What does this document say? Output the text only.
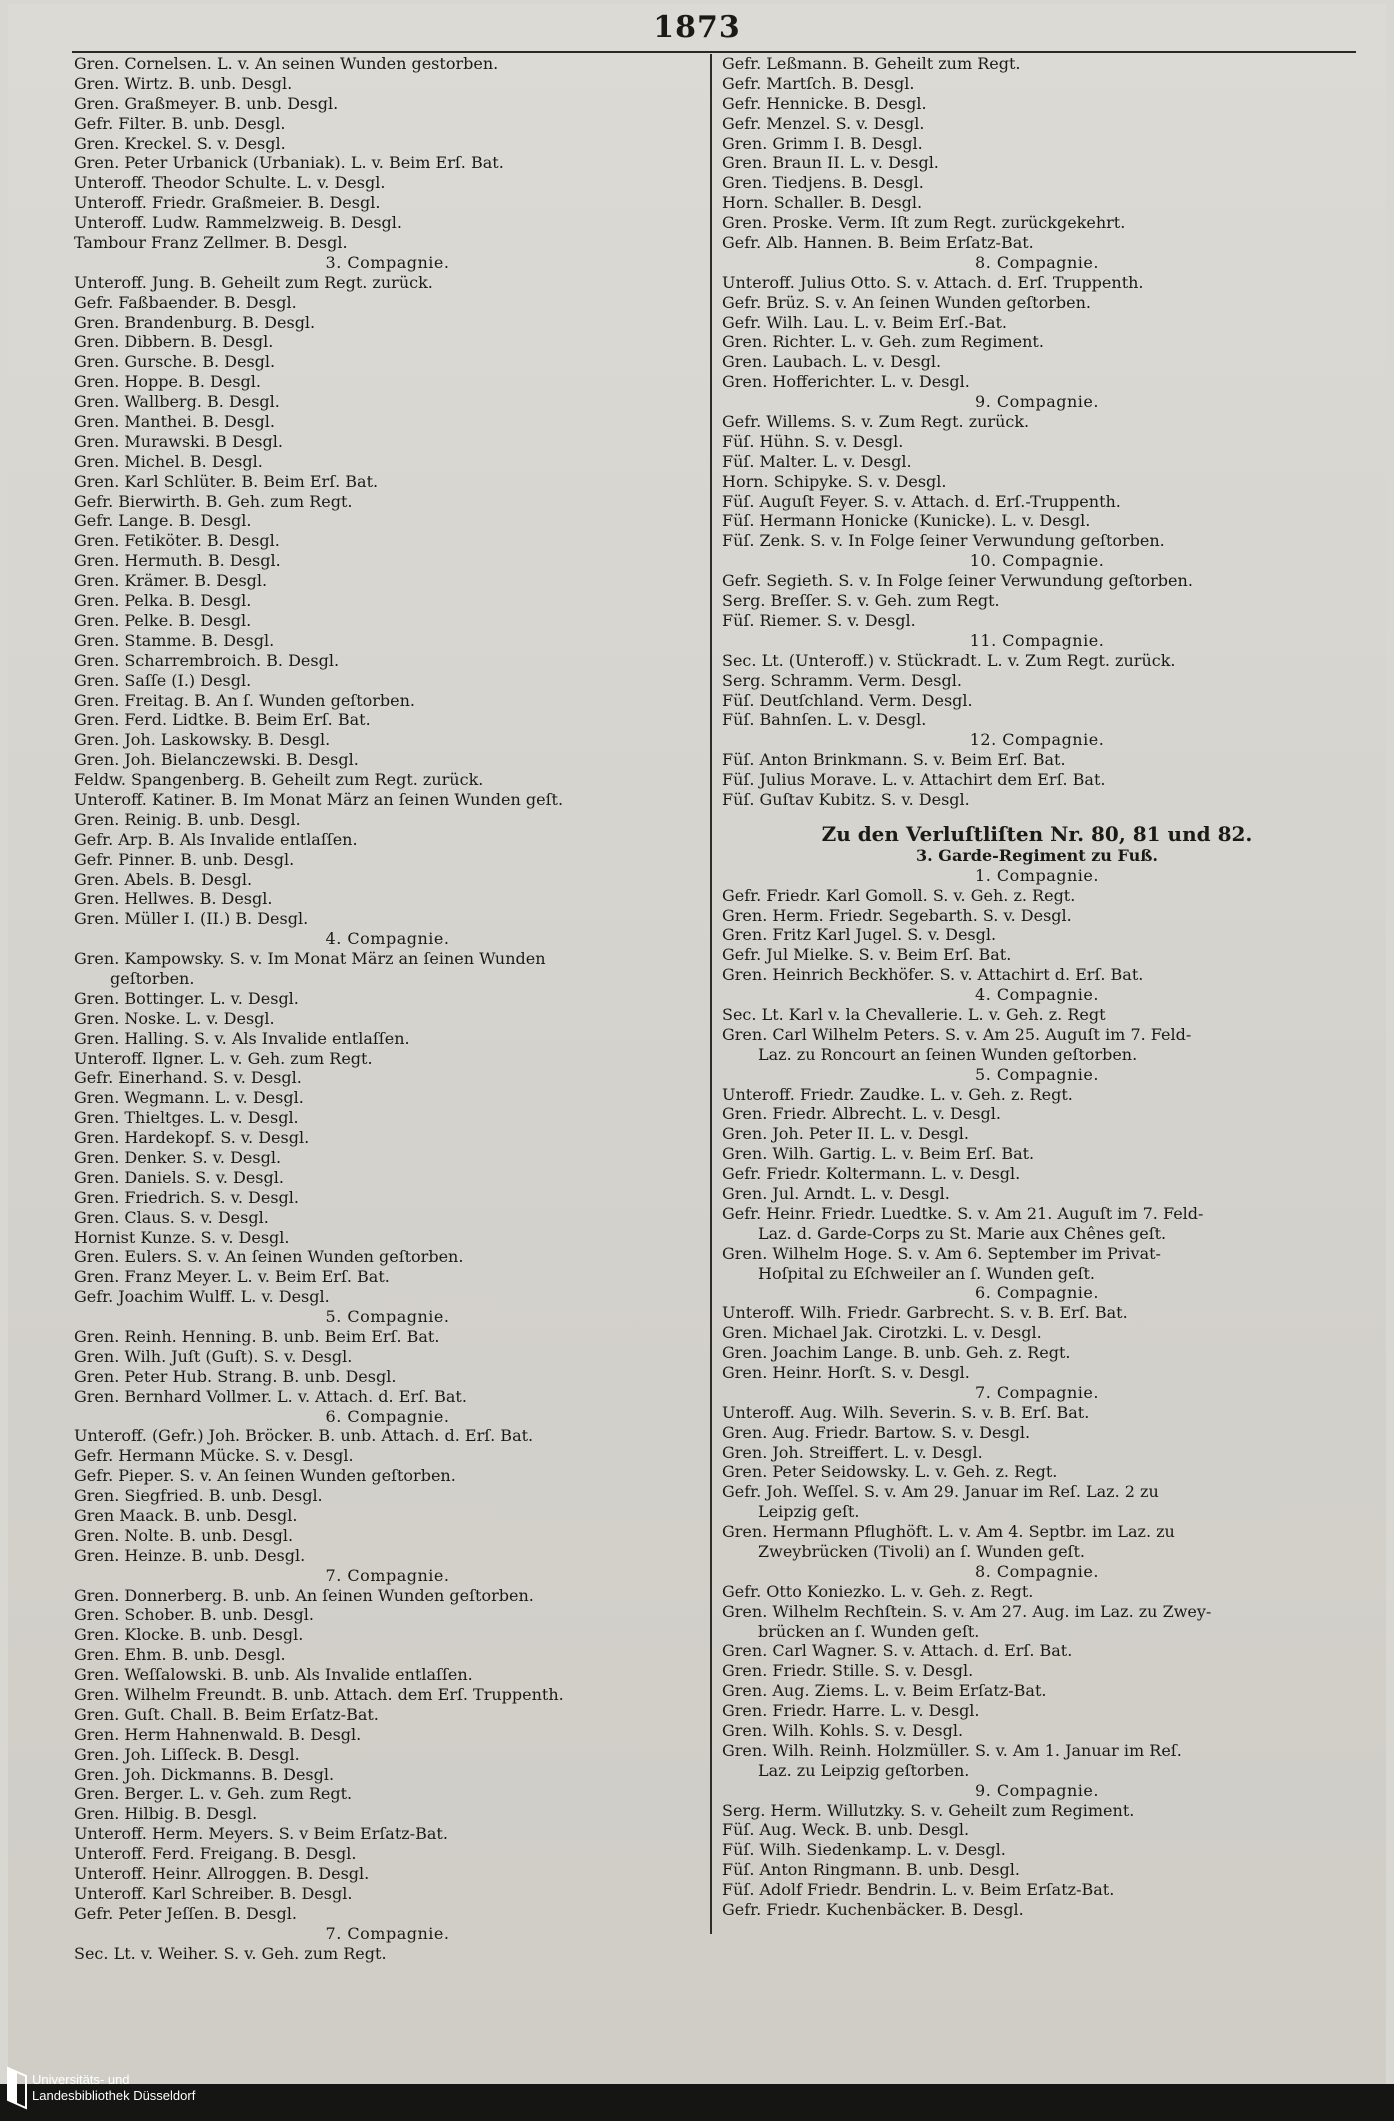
1873
Gren. Cornelsen. L. v. An seinen Wunden gestorben.
Gren. Wirtz. B. unb. Desgl.
Gren. Graßmeyer. B. unb. Desgl.
Gefr. Filter. B. unb. Desgl.
Gren. Kreckel. S. v. Desgl.
Gren. Peter Urbanick (Urbaniak). L. v. Beim Erſ. Bat.
Unteroff. Theodor Schulte. L. v. Desgl.
Unteroff. Friedr. Graßmeier. B. Desgl.
Unteroff. Ludw. Rammelzweig. B. Desgl.
Tambour Franz Zellmer. B. Desgl.
3. Compagnie.
Unteroff. Jung. B. Geheilt zum Regt. zurück.
Gefr. Faßbaender. B. Desgl.
Gren. Brandenburg. B. Desgl.
Gren. Dibbern. B. Desgl.
Gren. Gursche. B. Desgl.
Gren. Hoppe. B. Desgl.
Gren. Wallberg. B. Desgl.
Gren. Manthei. B. Desgl.
Gren. Murawski. B Desgl.
Gren. Michel. B. Desgl.
Gren. Karl Schlüter. B. Beim Erſ. Bat.
Gefr. Bierwirth. B. Geh. zum Regt.
Gefr. Lange. B. Desgl.
Gren. Fetiköter. B. Desgl.
Gren. Hermuth. B. Desgl.
Gren. Krämer. B. Desgl.
Gren. Pelka. B. Desgl.
Gren. Pelke. B. Desgl.
Gren. Stamme. B. Desgl.
Gren. Scharrembroich. B. Desgl.
Gren. Saſſe (I.) Desgl.
Gren. Freitag. B. An ſ. Wunden geſtorben.
Gren. Ferd. Lidtke. B. Beim Erſ. Bat.
Gren. Joh. Laskowsky. B. Desgl.
Gren. Joh. Bielanczewski. B. Desgl.
Feldw. Spangenberg. B. Geheilt zum Regt. zurück.
Unteroff. Katiner. B. Im Monat März an ſeinen Wunden geſt.
Gren. Reinig. B. unb. Desgl.
Gefr. Arp. B. Als Invalide entlaſſen.
Gefr. Pinner. B. unb. Desgl.
Gren. Abels. B. Desgl.
Gren. Hellwes. B. Desgl.
Gren. Müller I. (II.) B. Desgl.
4. Compagnie.
Gren. Kampowsky. S. v. Im Monat März an ſeinen Wunden
geſtorben.
Gren. Bottinger. L. v. Desgl.
Gren. Noske. L. v. Desgl.
Gren. Halling. S. v. Als Invalide entlaſſen.
Unteroff. Ilgner. L. v. Geh. zum Regt.
Gefr. Einerhand. S. v. Desgl.
Gren. Wegmann. L. v. Desgl.
Gren. Thieltges. L. v. Desgl.
Gren. Hardekopf. S. v. Desgl.
Gren. Denker. S. v. Desgl.
Gren. Daniels. S. v. Desgl.
Gren. Friedrich. S. v. Desgl.
Gren. Claus. S. v. Desgl.
Hornist Kunze. S. v. Desgl.
Gren. Eulers. S. v. An ſeinen Wunden geſtorben.
Gren. Franz Meyer. L. v. Beim Erſ. Bat.
Gefr. Joachim Wulff. L. v. Desgl.
5. Compagnie.
Gren. Reinh. Henning. B. unb. Beim Erſ. Bat.
Gren. Wilh. Juſt (Guſt). S. v. Desgl.
Gren. Peter Hub. Strang. B. unb. Desgl.
Gren. Bernhard Vollmer. L. v. Attach. d. Erſ. Bat.
6. Compagnie.
Unteroff. (Gefr.) Joh. Bröcker. B. unb. Attach. d. Erſ. Bat.
Gefr. Hermann Mücke. S. v. Desgl.
Gefr. Pieper. S. v. An ſeinen Wunden geſtorben.
Gren. Siegfried. B. unb. Desgl.
Gren Maack. B. unb. Desgl.
Gren. Nolte. B. unb. Desgl.
Gren. Heinze. B. unb. Desgl.
7. Compagnie.
Gren. Donnerberg. B. unb. An ſeinen Wunden geſtorben.
Gren. Schober. B. unb. Desgl.
Gren. Klocke. B. unb. Desgl.
Gren. Ehm. B. unb. Desgl.
Gren. Weſſalowski. B. unb. Als Invalide entlaſſen.
Gren. Wilhelm Freundt. B. unb. Attach. dem Erſ. Truppenth.
Gren. Guſt. Chall. B. Beim Erſatz-Bat.
Gren. Herm Hahnenwald. B. Desgl.
Gren. Joh. Liſſeck. B. Desgl.
Gren. Joh. Dickmanns. B. Desgl.
Gren. Berger. L. v. Geh. zum Regt.
Gren. Hilbig. B. Desgl.
Unteroff. Herm. Meyers. S. v Beim Erſatz-Bat.
Unteroff. Ferd. Freigang. B. Desgl.
Unteroff. Heinr. Allroggen. B. Desgl.
Unteroff. Karl Schreiber. B. Desgl.
Gefr. Peter Jeſſen. B. Desgl.
7. Compagnie.
Sec. Lt. v. Weiher. S. v. Geh. zum Regt.
Gefr. Leßmann. B. Geheilt zum Regt.
Gefr. Martſch. B. Desgl.
Gefr. Hennicke. B. Desgl.
Gefr. Menzel. S. v. Desgl.
Gren. Grimm I. B. Desgl.
Gren. Braun II. L. v. Desgl.
Gren. Tiedjens. B. Desgl.
Horn. Schaller. B. Desgl.
Gren. Proske. Verm. Iſt zum Regt. zurückgekehrt.
Gefr. Alb. Hannen. B. Beim Erſatz-Bat.
8. Compagnie.
Unteroff. Julius Otto. S. v. Attach. d. Erſ. Truppenth.
Gefr. Brüz. S. v. An ſeinen Wunden geſtorben.
Gefr. Wilh. Lau. L. v. Beim Erſ.-Bat.
Gren. Richter. L. v. Geh. zum Regiment.
Gren. Laubach. L. v. Desgl.
Gren. Hofferichter. L. v. Desgl.
9. Compagnie.
Gefr. Willems. S. v. Zum Regt. zurück.
Füſ. Hühn. S. v. Desgl.
Füſ. Malter. L. v. Desgl.
Horn. Schipyke. S. v. Desgl.
Füſ. Auguſt Feyer. S. v. Attach. d. Erſ.-Truppenth.
Füſ. Hermann Honicke (Kunicke). L. v. Desgl.
Füſ. Zenk. S. v. In Folge ſeiner Verwundung geſtorben.
10. Compagnie.
Gefr. Segieth. S. v. In Folge ſeiner Verwundung geſtorben.
Serg. Breſſer. S. v. Geh. zum Regt.
Füſ. Riemer. S. v. Desgl.
11. Compagnie.
Sec. Lt. (Unteroff.) v. Stückradt. L. v. Zum Regt. zurück.
Serg. Schramm. Verm. Desgl.
Füſ. Deutſchland. Verm. Desgl.
Füſ. Bahnſen. L. v. Desgl.
12. Compagnie.
Füſ. Anton Brinkmann. S. v. Beim Erſ. Bat.
Füſ. Julius Morave. L. v. Attachirt dem Erſ. Bat.
Füſ. Guſtav Kubitz. S. v. Desgl.
Zu den Verluſtliſten Nr. 80, 81 und 82.
3. Garde-Regiment zu Fuß.
1. Compagnie.
Gefr. Friedr. Karl Gomoll. S. v. Geh. z. Regt.
Gren. Herm. Friedr. Segebarth. S. v. Desgl.
Gren. Fritz Karl Jugel. S. v. Desgl.
Gefr. Jul Mielke. S. v. Beim Erſ. Bat.
Gren. Heinrich Beckhöfer. S. v. Attachirt d. Erſ. Bat.
4. Compagnie.
Sec. Lt. Karl v. la Chevallerie. L. v. Geh. z. Regt
Gren. Carl Wilhelm Peters. S. v. Am 25. Auguſt im 7. Feld-
Laz. zu Roncourt an ſeinen Wunden geſtorben.
5. Compagnie.
Unteroff. Friedr. Zaudke. L. v. Geh. z. Regt.
Gren. Friedr. Albrecht. L. v. Desgl.
Gren. Joh. Peter II. L. v. Desgl.
Gren. Wilh. Gartig. L. v. Beim Erſ. Bat.
Gefr. Friedr. Koltermann. L. v. Desgl.
Gren. Jul. Arndt. L. v. Desgl.
Gefr. Heinr. Friedr. Luedtke. S. v. Am 21. Auguſt im 7. Feld-
Laz. d. Garde-Corps zu St. Marie aux Chênes geſt.
Gren. Wilhelm Hoge. S. v. Am 6. September im Privat-
Hoſpital zu Eſchweiler an ſ. Wunden geſt.
6. Compagnie.
Unteroff. Wilh. Friedr. Garbrecht. S. v. B. Erſ. Bat.
Gren. Michael Jak. Cirotzki. L. v. Desgl.
Gren. Joachim Lange. B. unb. Geh. z. Regt.
Gren. Heinr. Horſt. S. v. Desgl.
7. Compagnie.
Unteroff. Aug. Wilh. Severin. S. v. B. Erſ. Bat.
Gren. Aug. Friedr. Bartow. S. v. Desgl.
Gren. Joh. Streiffert. L. v. Desgl.
Gren. Peter Seidowsky. L. v. Geh. z. Regt.
Gefr. Joh. Weſſel. S. v. Am 29. Januar im Reſ. Laz. 2 zu
Leipzig geſt.
Gren. Hermann Pflughöft. L. v. Am 4. Septbr. im Laz. zu
Zweybrücken (Tivoli) an ſ. Wunden geſt.
8. Compagnie.
Gefr. Otto Koniezko. L. v. Geh. z. Regt.
Gren. Wilhelm Rechſtein. S. v. Am 27. Aug. im Laz. zu Zwey-
brücken an ſ. Wunden geſt.
Gren. Carl Wagner. S. v. Attach. d. Erſ. Bat.
Gren. Friedr. Stille. S. v. Desgl.
Gren. Aug. Ziems. L. v. Beim Erſatz-Bat.
Gren. Friedr. Harre. L. v. Desgl.
Gren. Wilh. Kohls. S. v. Desgl.
Gren. Wilh. Reinh. Holzmüller. S. v. Am 1. Januar im Reſ.
Laz. zu Leipzig geſtorben.
9. Compagnie.
Serg. Herm. Willutzky. S. v. Geheilt zum Regiment.
Füſ. Aug. Weck. B. unb. Desgl.
Füſ. Wilh. Siedenkamp. L. v. Desgl.
Füſ. Anton Ringmann. B. unb. Desgl.
Füſ. Adolf Friedr. Bendrin. L. v. Beim Erſatz-Bat.
Gefr. Friedr. Kuchenbäcker. B. Desgl.
Universitäts- und
Landesbibliothek Düsseldorf
